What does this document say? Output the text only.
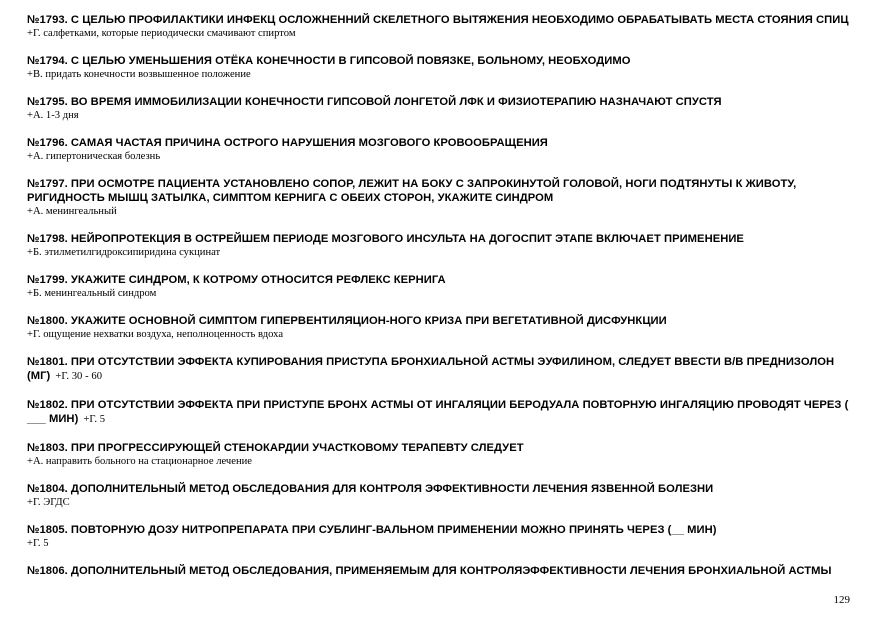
№1793. С ЦЕЛЬЮ ПРОФИЛАКТИКИ ИНФЕКЦ ОСЛОЖНЕННИЙ СКЕЛЕТНОГО ВЫТЯЖЕНИЯ НЕОБХОДИМО ОБРАБАТЫВАТЬ МЕСТА СТОЯНИЯ СПИЦ
+Г. салфетками, которые периодически смачивают спиртом
№1794. С ЦЕЛЬЮ УМЕНЬШЕНИЯ ОТЁКА КОНЕЧНОСТИ В ГИПСОВОЙ ПОВЯЗКЕ, БОЛЬНОМУ, НЕОБХОДИМО
+В. придать конечности возвышенное положение
№1795. ВО ВРЕМЯ ИММОБИЛИЗАЦИИ КОНЕЧНОСТИ ГИПСОВОЙ ЛОНГЕТОЙ ЛФК И ФИЗИОТЕРАПИЮ НАЗНАЧАЮТ СПУСТЯ
+А. 1-3 дня
№1796. САМАЯ ЧАСТАЯ ПРИЧИНА ОСТРОГО НАРУШЕНИЯ МОЗГОВОГО КРОВООБРАЩЕНИЯ
+А. гипертоническая болезнь
№1797. ПРИ ОСМОТРЕ ПАЦИЕНТА УСТАНОВЛЕНО СОПОР, ЛЕЖИТ НА БОКУ С ЗАПРОКИНУТОЙ ГОЛОВОЙ, НОГИ ПОДТЯНУТЫ К ЖИВОТУ, РИГИДНОСТЬ МЫШЦ ЗАТЫЛКА, СИМПТОМ КЕРНИГА С ОБЕИХ СТОРОН, УКАЖИТЕ СИНДРОМ
+А. менингеальный
№1798. НЕЙРОПРОТЕКЦИЯ В ОСТРЕЙШЕМ ПЕРИОДЕ МОЗГОВОГО ИНСУЛЬТА НА ДОГОСПИТ ЭТАПЕ ВКЛЮЧАЕТ ПРИМЕНЕНИЕ
+Б. этилметилгидроксипиридина сукцинат
№1799. УКАЖИТЕ СИНДРОМ, К КОТРОМУ ОТНОСИТСЯ РЕФЛЕКС КЕРНИГА
+Б. менингеальный синдром
№1800. УКАЖИТЕ ОСНОВНОЙ СИМПТОМ ГИПЕРВЕНТИЛЯЦИОН-НОГО КРИЗА ПРИ ВЕГЕТАТИВНОЙ ДИСФУНКЦИИ
+Г. ощущение нехватки воздуха, неполноценность вдоха
№1801. ПРИ ОТСУТСТВИИ ЭФФЕКТА КУПИРОВАНИЯ ПРИСТУПА БРОНХИАЛЬНОЙ АСТМЫ ЭУФИЛИНОМ, СЛЕДУЕТ ВВЕСТИ В/В ПРЕДНИЗОЛОН (МГ) +Г. 30 - 60
№1802. ПРИ ОТСУТСТВИИ ЭФФЕКТА ПРИ ПРИСТУПЕ БРОНХ АСТМЫ ОТ ИНГАЛЯЦИИ БЕРОДУАЛА ПОВТОРНУЮ ИНГАЛЯЦИЮ ПРОВОДЯТ ЧЕРЕЗ ( ___ МИН) +Г. 5
№1803. ПРИ ПРОГРЕССИРУЮЩЕЙ СТЕНОКАРДИИ УЧАСТКОВОМУ ТЕРАПЕВТУ СЛЕДУЕТ
+А. направить больного на стационарное лечение
№1804. ДОПОЛНИТЕЛЬНЫЙ МЕТОД ОБСЛЕДОВАНИЯ ДЛЯ КОНТРОЛЯ ЭФФЕКТИВНОСТИ ЛЕЧЕНИЯ ЯЗВЕННОЙ БОЛЕЗНИ
+Г. ЭГДС
№1805. ПОВТОРНУЮ ДОЗУ НИТРОПРЕПАРАТА ПРИ СУБЛИНГ-ВАЛЬНОМ ПРИМЕНЕНИИ МОЖНО ПРИНЯТЬ ЧЕРЕЗ (__ МИН)
+Г. 5
№1806. ДОПОЛНИТЕЛЬНЫЙ МЕТОД ОБСЛЕДОВАНИЯ, ПРИМЕНЯЕМЫМ ДЛЯ КОНТРОЛЯЭФФЕКТИВНОСТИ ЛЕЧЕНИЯ БРОНХИАЛЬНОЙ АСТМЫ
129
